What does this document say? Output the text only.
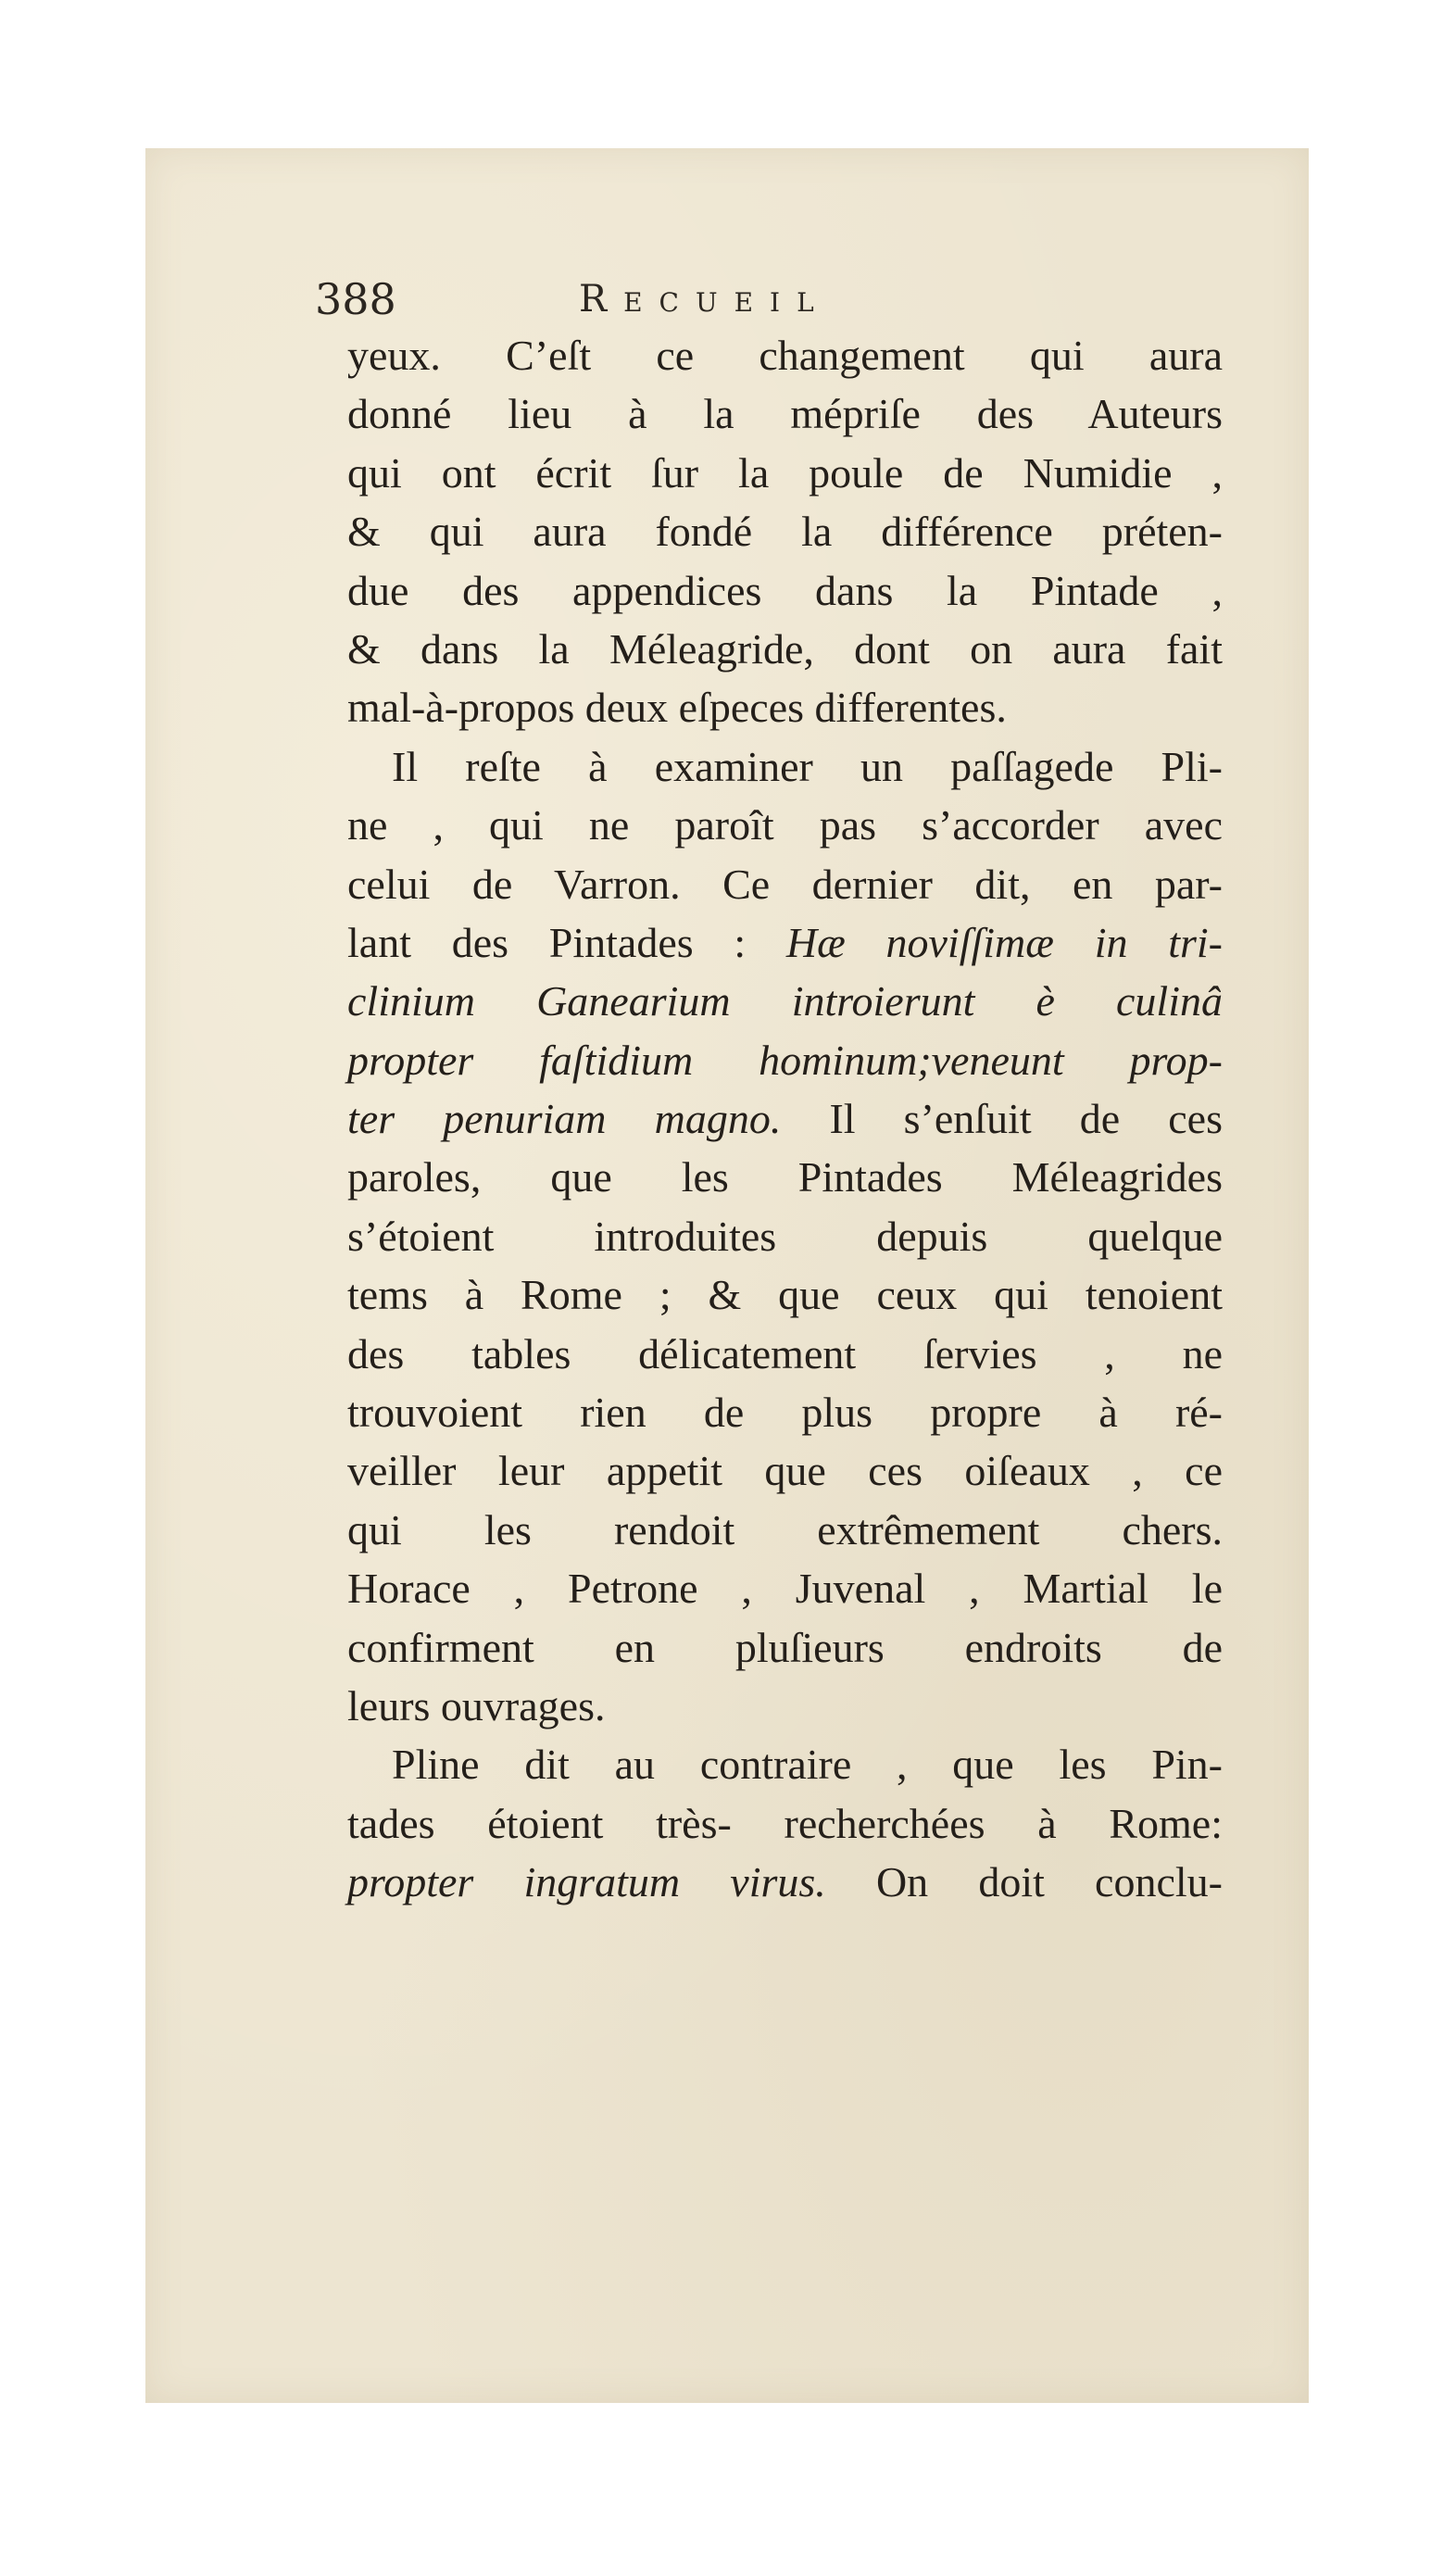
388	Recueil
yeux. C’eſt ce changement qui aura
donné lieu à la mépriſe des Auteurs
qui ont écrit ſur la poule de Numidie ,
& qui aura fondé la différence préten-
due des appendices dans la Pintade ,
& dans la Méleagride, dont on aura fait
mal-à-propos deux eſpeces differentes.
Il reſte à examiner un paſſagede Pli-
ne , qui ne paroît pas s’accorder avec
celui de Varron. Ce dernier dit, en par-
lant des Pintades : Hæ noviſſimæ in tri-
clinium Ganearium introierunt è culinâ
propter faſtidium hominum;veneunt prop-
ter penuriam magno. Il s’enſuit de ces
paroles, que les Pintades Méleagrides
s’étoient introduites depuis quelque
tems à Rome ; & que ceux qui tenoient
des tables délicatement ſervies , ne
trouvoient rien de plus propre à ré-
veiller leur appetit que ces oiſeaux , ce
qui les rendoit extrêmement chers.
Horace , Petrone , Juvenal , Martial le
confirment en pluſieurs endroits de
leurs ouvrages.
Pline dit au contraire , que les Pin-
tades étoient très- recherchées à Rome:
propter ingratum virus. On doit conclu-
